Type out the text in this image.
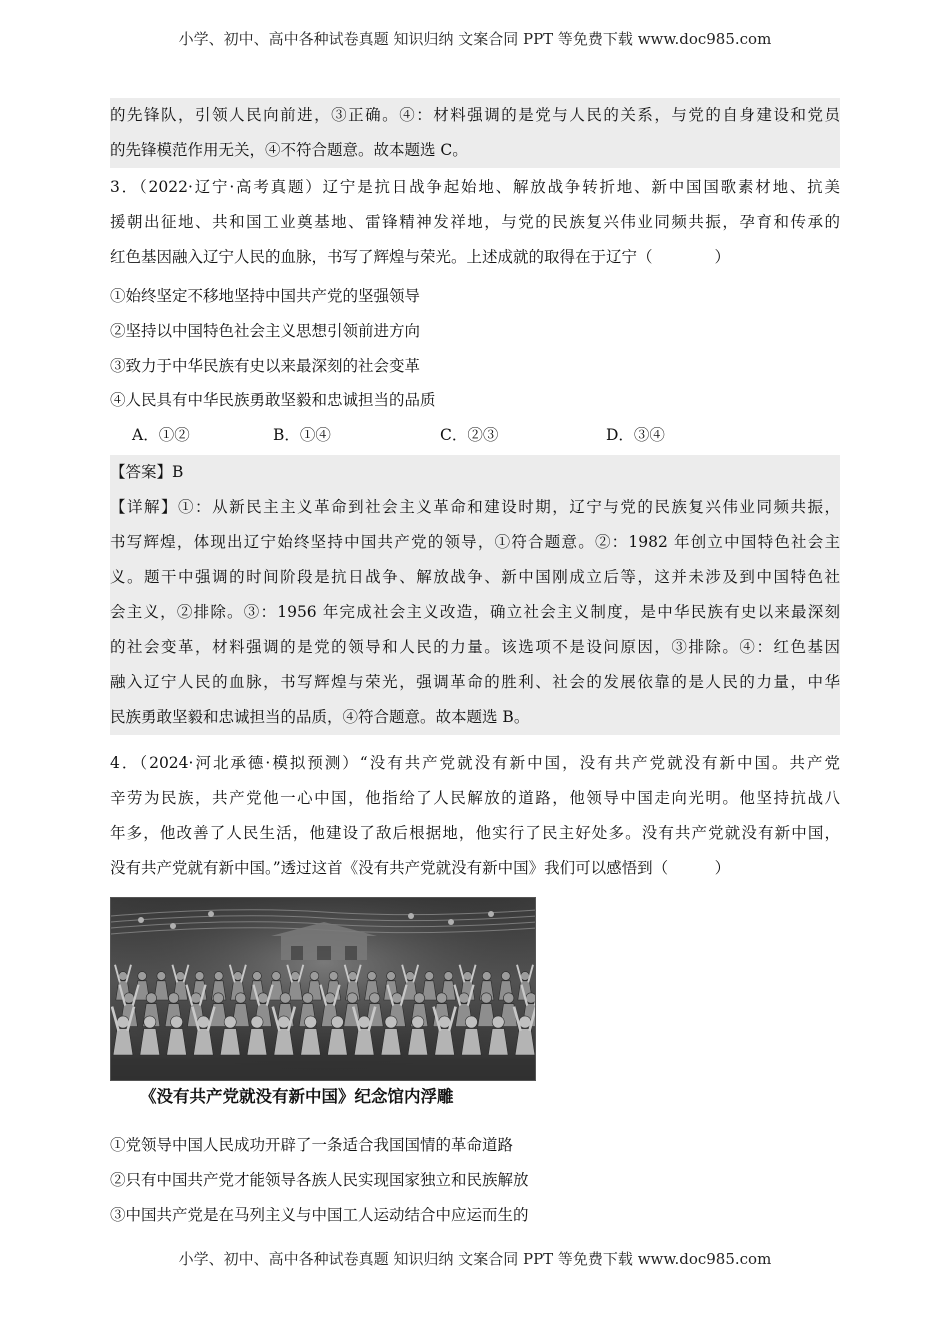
小学、初中、高中各种试卷真题 知识归纳 文案合同 PPT 等免费下载 www.doc985.com
的先锋队，引领人民向前进，③正确。④：材料强调的是党与人民的关系，与党的自身建设和党员
的先锋模范作用无关，④不符合题意。故本题选 C。
3．（2022·辽宁·高考真题）辽宁是抗日战争起始地、解放战争转折地、新中国国歌素材地、抗美
援朝出征地、共和国工业奠基地、雷锋精神发祥地，与党的民族复兴伟业同频共振，孕育和传承的
红色基因融入辽宁人民的血脉，书写了辉煌与荣光。上述成就的取得在于辽宁（　　　　）
①始终坚定不移地坚持中国共产党的坚强领导
②坚持以中国特色社会主义思想引领前进方向
③致力于中华民族有史以来最深刻的社会变革
④人民具有中华民族勇敢坚毅和忠诚担当的品质
A．①②	B．①④	C．②③	D．③④
【答案】B
【详解】①：从新民主主义革命到社会主义革命和建设时期，辽宁与党的民族复兴伟业同频共振，
书写辉煌，体现出辽宁始终坚持中国共产党的领导，①符合题意。②：1982 年创立中国特色社会主
义。题干中强调的时间阶段是抗日战争、解放战争、新中国刚成立后等，这并未涉及到中国特色社
会主义，②排除。③：1956 年完成社会主义改造，确立社会主义制度，是中华民族有史以来最深刻
的社会变革，材料强调的是党的领导和人民的力量。该选项不是设问原因，③排除。④：红色基因
融入辽宁人民的血脉，书写辉煌与荣光，强调革命的胜利、社会的发展依靠的是人民的力量，中华
民族勇敢坚毅和忠诚担当的品质，④符合题意。故本题选 B。
4．（2024·河北承德·模拟预测）“没有共产党就没有新中国，没有共产党就没有新中国。共产党
辛劳为民族，共产党他一心中国，他指给了人民解放的道路，他领导中国走向光明。他坚持抗战八
年多，他改善了人民生活，他建设了敌后根据地，他实行了民主好处多。没有共产党就没有新中国，
没有共产党就有新中国。”透过这首《没有共产党就没有新中国》我们可以感悟到（　　　）
《没有共产党就没有新中国》纪念馆内浮雕
①党领导中国人民成功开辟了一条适合我国国情的革命道路
②只有中国共产党才能领导各族人民实现国家独立和民族解放
③中国共产党是在马列主义与中国工人运动结合中应运而生的
小学、初中、高中各种试卷真题 知识归纳 文案合同 PPT 等免费下载 www.doc985.com
